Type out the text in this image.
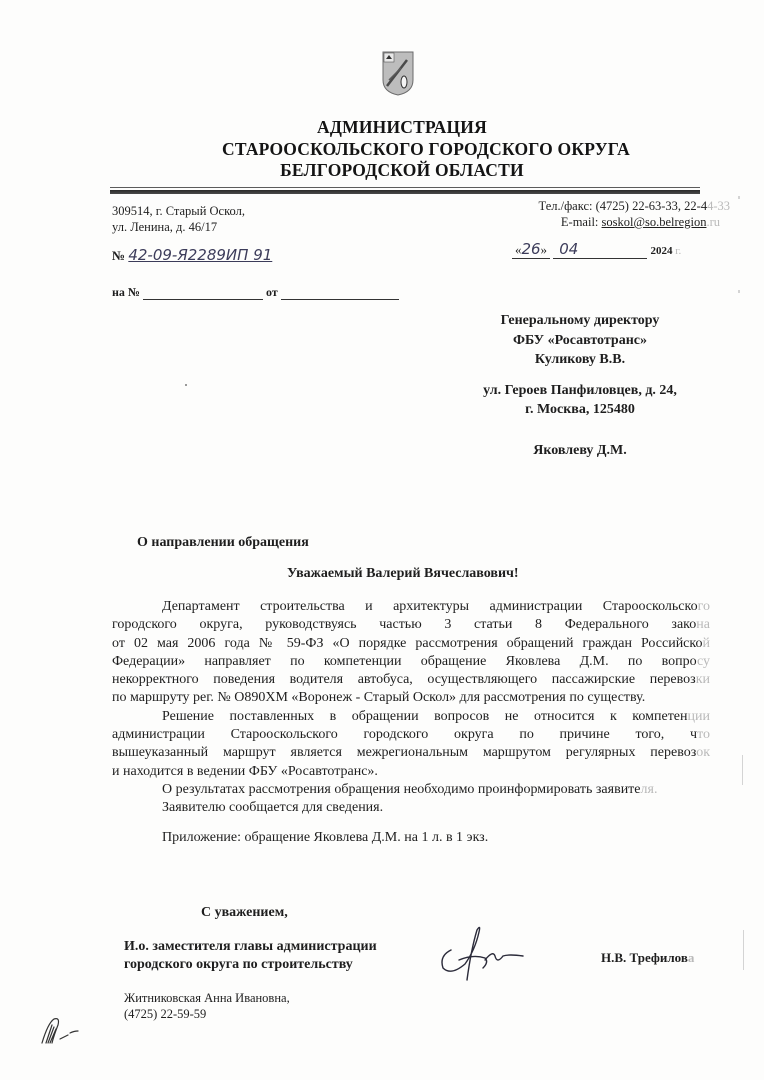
АДМИНИСТРАЦИЯ
СТАРООСКОЛЬСКОГО ГОРОДСКОГО ОКРУГА
БЕЛГОРОДСКОЙ ОБЛАСТИ
309514, г. Старый Оскол,
ул. Ленина, д. 46/17
Тел./факс: (4725) 22-63-33, 22-44-33
E-mail: soskol@so.belregion.ru
№ 42-09-Я2289ИП 91	«26» 04	2024 г.
на №	от
Генеральному директору
ФБУ «Росавтотранс»
Куликову В.В.
ул. Героев Панфиловцев, д. 24,
г. Москва, 125480
Яковлеву Д.М.
О направлении обращения
Уважаемый Валерий Вячеславович!
Департамент строительства и архитектуры администрации Старооскольского
городского округа, руководствуясь частью 3 статьи 8 Федерального закона
от 02 мая 2006 года № 59-ФЗ «О порядке рассмотрения обращений граждан Российской
Федерации» направляет по компетенции обращение Яковлева Д.М. по вопросу
некорректного поведения водителя автобуса, осуществляющего пассажирские перевозки
по маршруту рег. № О890ХМ «Воронеж - Старый Оскол» для рассмотрения по существу.
Решение поставленных в обращении вопросов не относится к компетенции
администрации Старооскольского городского округа по причине того, что
вышеуказанный маршрут является межрегиональным маршрутом регулярных перевозок
и находится в ведении ФБУ «Росавтотранс».
О результатах рассмотрения обращения необходимо проинформировать заявителя.
Заявителю сообщается для сведения.
Приложение: обращение Яковлева Д.М. на 1 л. в 1 экз.
С уважением,
И.о. заместителя главы администрации
городского округа по строительству	Н.В. Трефилова
Житниковская Анна Ивановна,
(4725) 22-59-59
